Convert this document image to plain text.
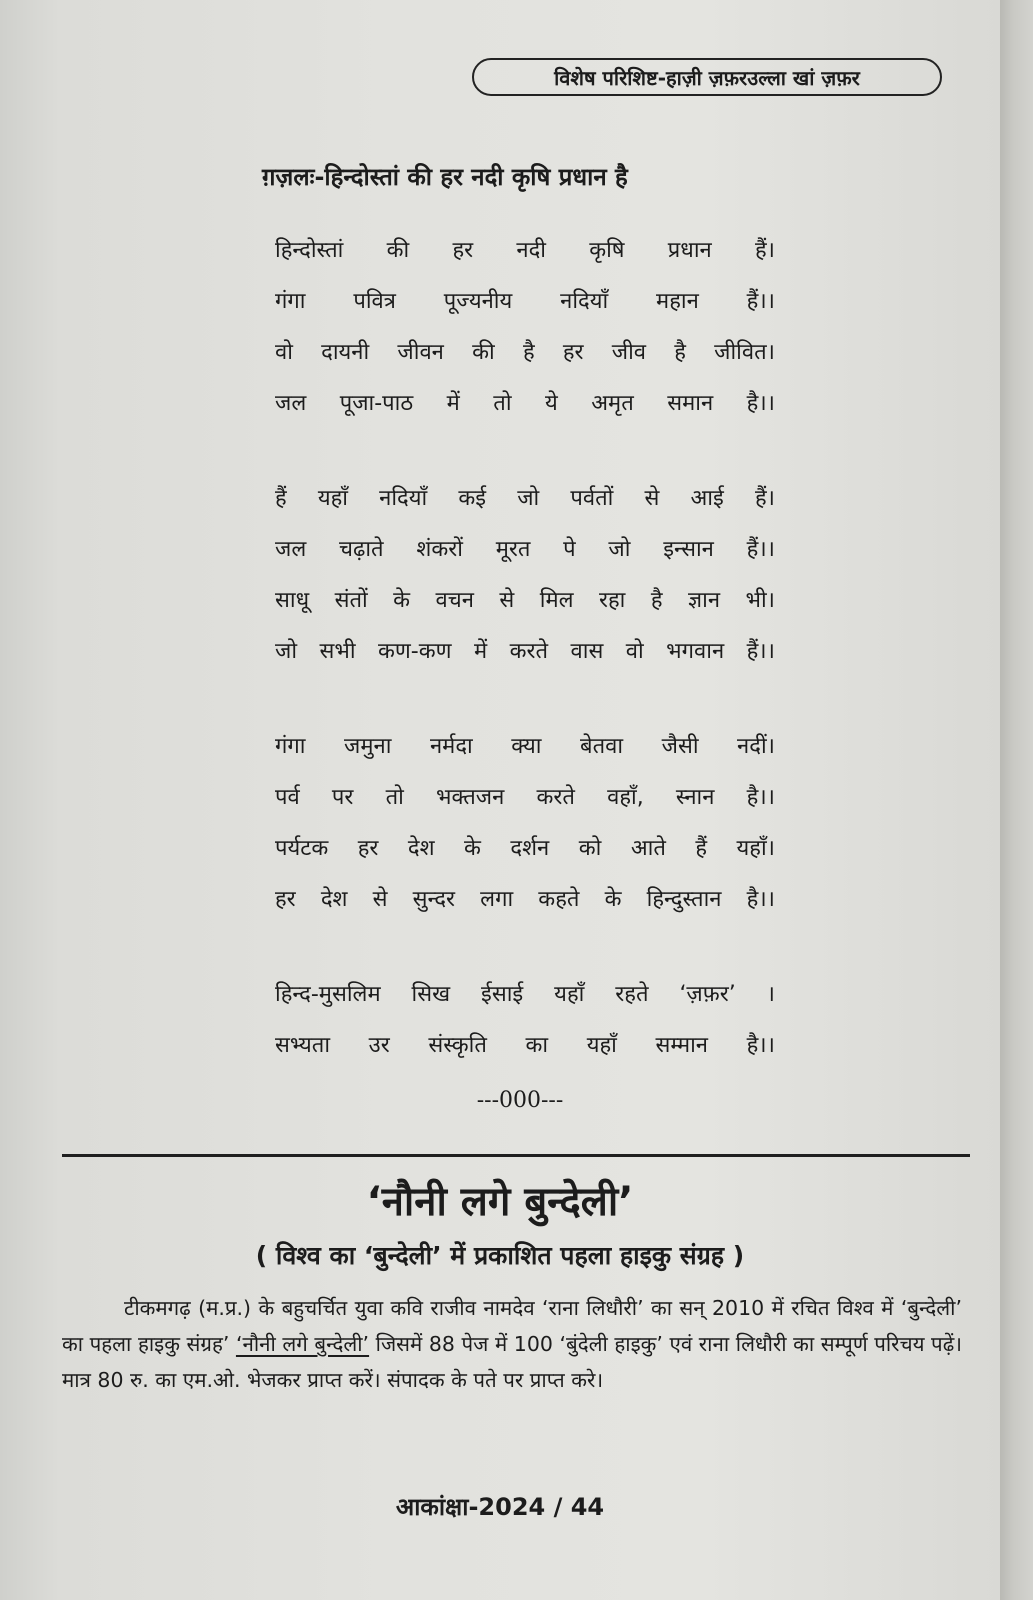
विशेष परिशिष्ट-हाज़ी ज़फ़रउल्ला खां ज़फ़र
ग़ज़लः-हिन्दोस्तां की हर नदी कृषि प्रधान है
हिन्दोस्तां की हर नदी कृषि प्रधान हैं।
गंगा पवित्र पूज्यनीय नदियाँ महान हैं।।
वो दायनी जीवन की है हर जीव है जीवित।
जल पूजा-पाठ में तो ये अमृत समान है।।
हैं यहाँ नदियाँ कई जो पर्वतों से आई हैं।
जल चढ़ाते शंकरों मूरत पे जो इन्सान हैं।।
साधू संतों के वचन से मिल रहा है ज्ञान भी।
जो सभी कण-कण में करते वास वो भगवान हैं।।
गंगा जमुना नर्मदा क्या बेतवा जैसी नदीं।
पर्व पर तो भक्तजन करते वहाँ, स्नान है।।
पर्यटक हर देश के दर्शन को आते हैं यहाँ।
हर देश से सुन्दर लगा कहते के हिन्दुस्तान है।।
हिन्द-मुसलिम सिख ईसाई यहाँ रहते ‘ज़फ़र’ ।
सभ्यता उर संस्कृति का यहाँ सम्मान है।।
---000---
‘नौनी लगे बुन्देली’
( विश्व का ‘बुन्देली’ में प्रकाशित पहला हाइकु संग्रह )
टीकमगढ़ (म.प्र.) के बहुचर्चित युवा कवि राजीव नामदेव ‘राना लिधौरी’ का सन् 2010 में रचित विश्व में ‘बुन्देली’ का पहला हाइकु संग्रह’ ‘नौनी लगे बुन्देली’ जिसमें 88 पेज में 100 ‘बुंदेली हाइकु’ एवं राना लिधौरी का सम्पूर्ण परिचय पढ़ें। मात्र 80 रु. का एम.ओ. भेजकर प्राप्त करें। संपादक के पते पर प्राप्त करे।
आकांक्षा-2024 / 44
